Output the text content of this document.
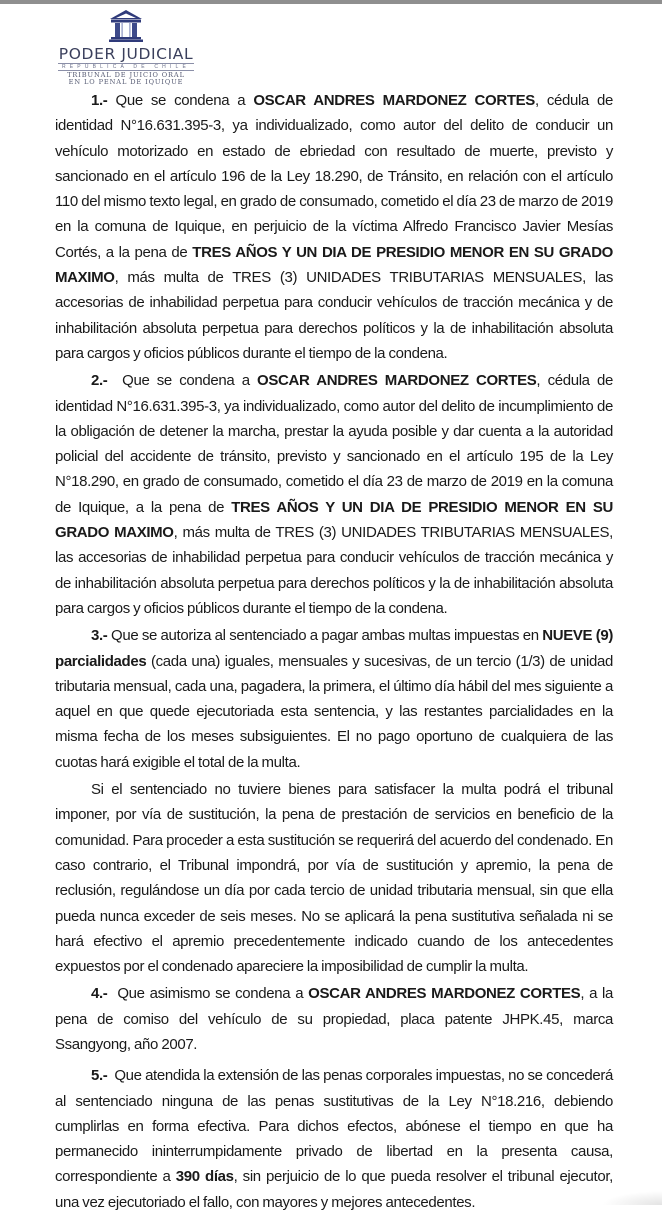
PODER JUDICIAL
REPÚBLICA DE CHILE
TRIBUNAL DE JUICIO ORAL
EN LO PENAL DE IQUIQUE

1.- Que se condena a OSCAR ANDRES MARDONEZ CORTES, cédula de identidad N°16.631.395-3, ya individualizado, como autor del delito de conducir un vehículo motorizado en estado de ebriedad con resultado de muerte, previsto y sancionado en el artículo 196 de la Ley 18.290, de Tránsito, en relación con el artículo 110 del mismo texto legal, en grado de consumado, cometido el día 23 de marzo de 2019 en la comuna de Iquique, en perjuicio de la víctima Alfredo Francisco Javier Mesías Cortés, a la pena de TRES AÑOS Y UN DIA DE PRESIDIO MENOR EN SU GRADO MAXIMO, más multa de TRES (3) UNIDADES TRIBUTARIAS MENSUALES, las accesorias de inhabilidad perpetua para conducir vehículos de tracción mecánica y de inhabilitación absoluta perpetua para derechos políticos y la de inhabilitación absoluta para cargos y oficios públicos durante el tiempo de la condena.

2.-  Que se condena a OSCAR ANDRES MARDONEZ CORTES, cédula de identidad N°16.631.395-3, ya individualizado, como autor del delito de incumplimiento de la obligación de detener la marcha, prestar la ayuda posible y dar cuenta a la autoridad policial del accidente de tránsito, previsto y sancionado en el artículo 195 de la Ley N°18.290, en grado de consumado, cometido el día 23 de marzo de 2019 en la comuna de Iquique, a la pena de TRES AÑOS Y UN DIA DE PRESIDIO MENOR EN SU GRADO MAXIMO, más multa de TRES (3) UNIDADES TRIBUTARIAS MENSUALES, las accesorias de inhabilidad perpetua para conducir vehículos de tracción mecánica y de inhabilitación absoluta perpetua para derechos políticos y la de inhabilitación absoluta para cargos y oficios públicos durante el tiempo de la condena.

3.- Que se autoriza al sentenciado a pagar ambas multas impuestas en NUEVE (9) parcialidades (cada una) iguales, mensuales y sucesivas, de un tercio (1/3) de unidad tributaria mensual, cada una, pagadera, la primera, el último día hábil del mes siguiente a aquel en que quede ejecutoriada esta sentencia, y las restantes parcialidades en la misma fecha de los meses subsiguientes. El no pago oportuno de cualquiera de las cuotas hará exigible el total de la multa.

Si el sentenciado no tuviere bienes para satisfacer la multa podrá el tribunal imponer, por vía de sustitución, la pena de prestación de servicios en beneficio de la comunidad. Para proceder a esta sustitución se requerirá del acuerdo del condenado. En caso contrario, el Tribunal impondrá, por vía de sustitución y apremio, la pena de reclusión, regulándose un día por cada tercio de unidad tributaria mensual, sin que ella pueda nunca exceder de seis meses. No se aplicará la pena sustitutiva señalada ni se hará efectivo el apremio precedentemente indicado cuando de los antecedentes expuestos por el condenado apareciere la imposibilidad de cumplir la multa.

4.-  Que asimismo se condena a OSCAR ANDRES MARDONEZ CORTES, a la pena de comiso del vehículo de su propiedad, placa patente JHPK.45, marca Ssangyong, año 2007.

5.-  Que atendida la extensión de las penas corporales impuestas, no se concederá al sentenciado ninguna de las penas sustitutivas de la Ley N°18.216, debiendo cumplirlas en forma efectiva. Para dichos efectos, abónese el tiempo en que ha permanecido ininterrumpidamente privado de libertad en la presenta causa, correspondiente a 390 días, sin perjuicio de lo que pueda resolver el tribunal ejecutor, una vez ejecutoriado el fallo, con mayores y mejores antecedentes.
